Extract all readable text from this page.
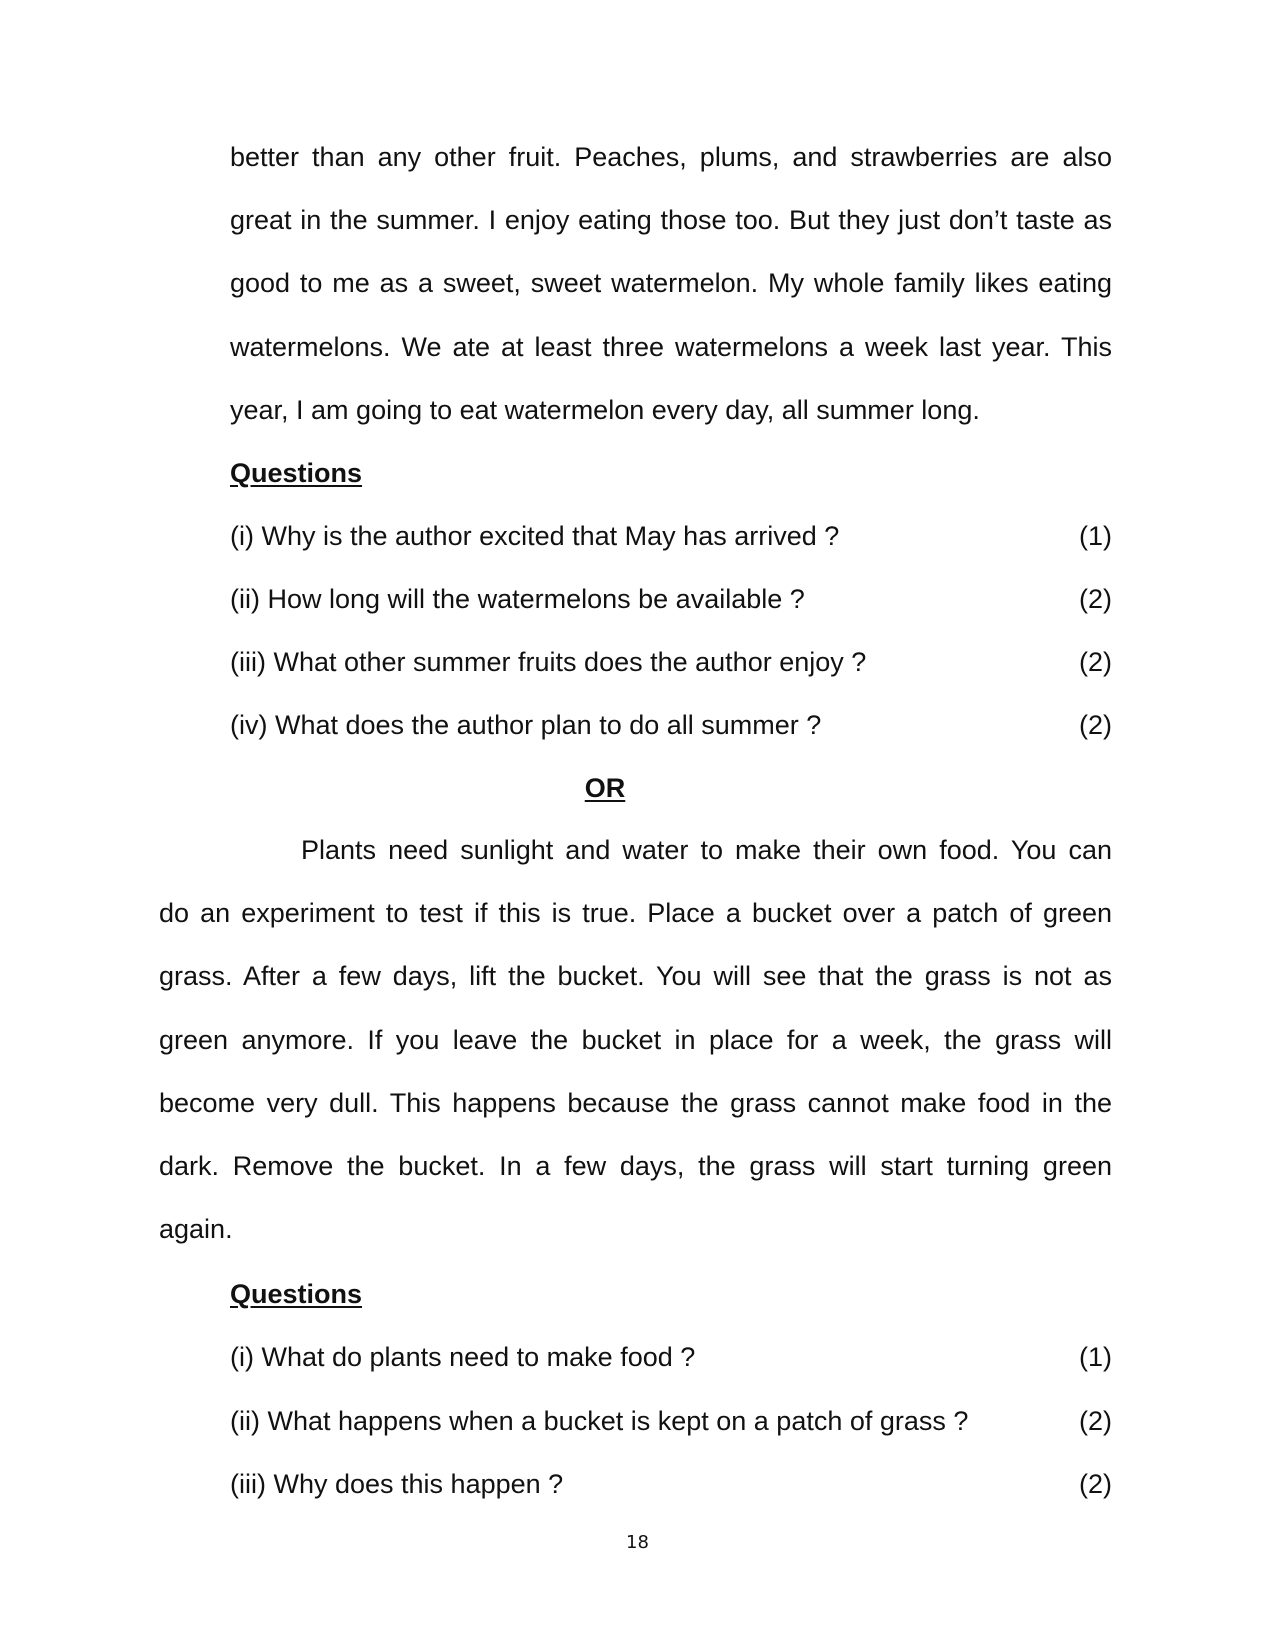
better than any other fruit. Peaches, plums, and strawberries are also
great in the summer. I enjoy eating those too. But they just don’t taste as
good to me as a sweet, sweet watermelon. My whole family likes eating
watermelons. We ate at least three watermelons a week last year. This
year, I am going to eat watermelon every day, all summer long.
Questions
(i) Why is the author excited that May has arrived ?	(1)
(ii) How long will the watermelons be available ?	(2)
(iii) What other summer fruits does the author enjoy ?	(2)
(iv) What does the author plan to do all summer ?	(2)
OR
Plants need sunlight and water to make their own food. You can
do an experiment to test if this is true. Place a bucket over a patch of green
grass. After a few days, lift the bucket. You will see that the grass is not as
green anymore. If you leave the bucket in place for a week, the grass will
become very dull. This happens because the grass cannot make food in the
dark. Remove the bucket. In a few days, the grass will start turning green
again.
Questions
(i) What do plants need to make food ?	(1)
(ii) What happens when a bucket is kept on a patch of grass ?	(2)
(iii) Why does this happen ?	(2)
18
